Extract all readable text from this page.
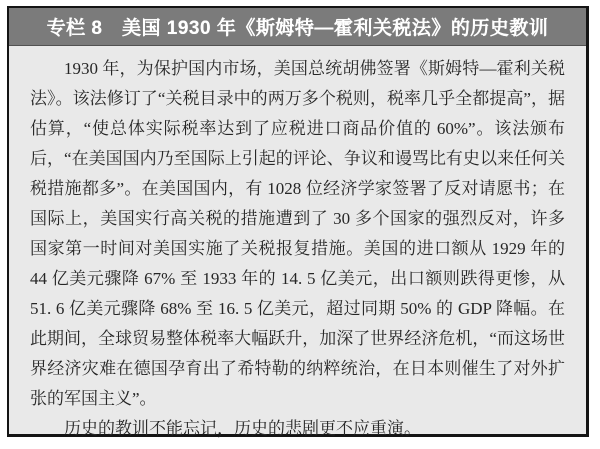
专栏 8　美国 1930 年《斯姆特—霍利关税法》的历史教训

1930 年，为保护国内市场，美国总统胡佛签署《斯姆特—霍利关税法》。该法修订了“关税目录中的两万多个税则，税率几乎全都提高”，据估算，“使总体实际税率达到了应税进口商品价值的 60%”。该法颁布后，“在美国国内乃至国际上引起的评论、争议和谩骂比有史以来任何关税措施都多”。在美国国内，有 1028 位经济学家签署了反对请愿书；在国际上，美国实行高关税的措施遭到了 30 多个国家的强烈反对，许多国家第一时间对美国实施了关税报复措施。美国的进口额从 1929 年的 44 亿美元骤降 67% 至 1933 年的 14. 5 亿美元，出口额则跌得更惨，从 51. 6 亿美元骤降 68% 至 16. 5 亿美元，超过同期 50% 的 GDP 降幅。在此期间，全球贸易整体税率大幅跃升，加深了世界经济危机，“而这场世界经济灾难在德国孕育出了希特勒的纳粹统治，在日本则催生了对外扩张的军国主义”。

历史的教训不能忘记，历史的悲剧更不应重演。
